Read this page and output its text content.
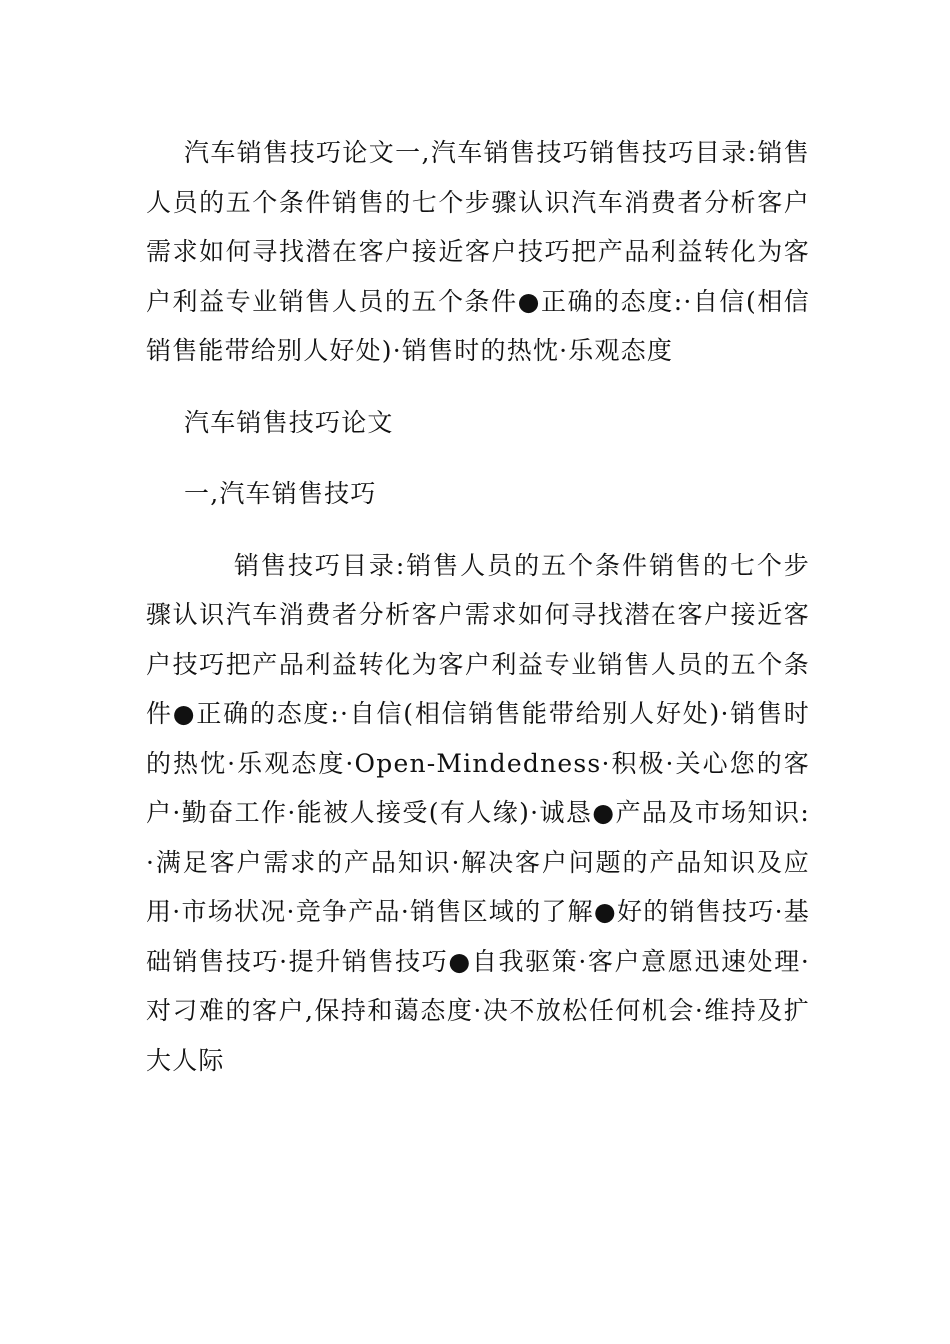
汽车销售技巧论文一,汽车销售技巧销售技巧目录:销售人员的五个条件销售的七个步骤认识汽车消费者分析客户需求如何寻找潜在客户接近客户技巧把产品利益转化为客户利益专业销售人员的五个条件●正确的态度:·自信(相信销售能带给别人好处)·销售时的热忱·乐观态度

汽车销售技巧论文

一,汽车销售技巧

销售技巧目录:销售人员的五个条件销售的七个步骤认识汽车消费者分析客户需求如何寻找潜在客户接近客户技巧把产品利益转化为客户利益专业销售人员的五个条件●正确的态度:·自信(相信销售能带给别人好处)·销售时的热忱·乐观态度·Open-Mindedness·积极·关心您的客户·勤奋工作·能被人接受(有人缘)·诚恳●产品及市场知识:·满足客户需求的产品知识·解决客户问题的产品知识及应用·市场状况·竞争产品·销售区域的了解●好的销售技巧·基础销售技巧·提升销售技巧●自我驱策·客户意愿迅速处理·对刁难的客户,保持和蔼态度·决不放松任何机会·维持及扩大人际
